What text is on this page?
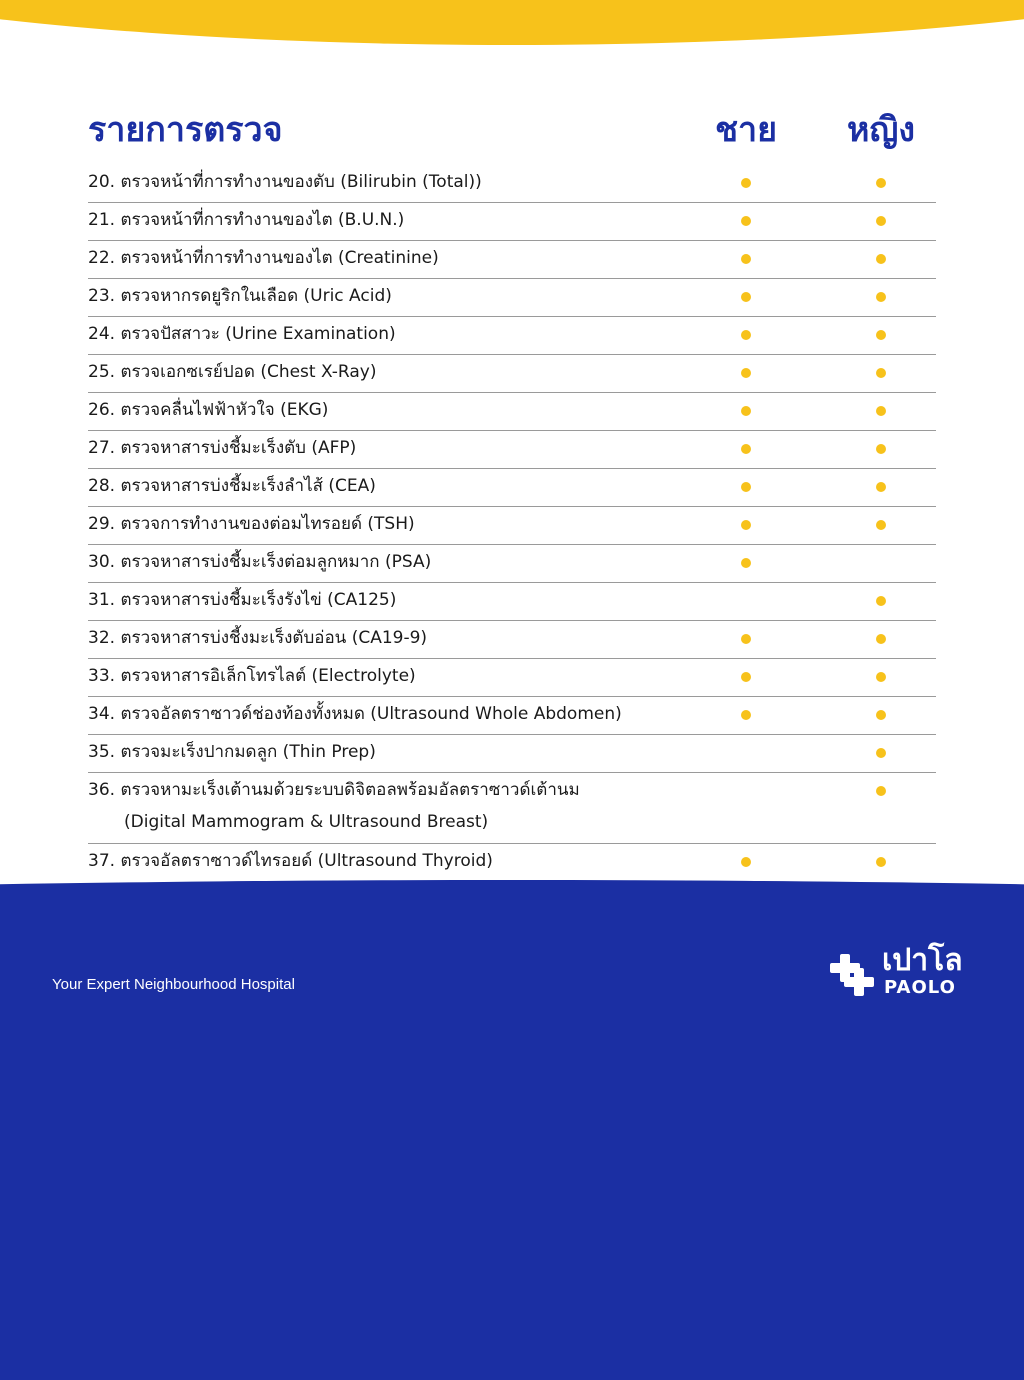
รายการตรวจ	ชาย	หญิง
20. ตรวจหน้าที่การทำงานของตับ (Bilirubin (Total))
21. ตรวจหน้าที่การทำงานของไต (B.U.N.)
22. ตรวจหน้าที่การทำงานของไต (Creatinine)
23. ตรวจหากรดยูริกในเลือด (Uric Acid)
24. ตรวจปัสสาวะ (Urine Examination)
25. ตรวจเอกซเรย์ปอด (Chest X-Ray)
26. ตรวจคลื่นไฟฟ้าหัวใจ (EKG)
27. ตรวจหาสารบ่งชี้มะเร็งตับ (AFP)
28. ตรวจหาสารบ่งชี้มะเร็งลำไส้ (CEA)
29. ตรวจการทำงานของต่อมไทรอยด์ (TSH)
30. ตรวจหาสารบ่งชี้มะเร็งต่อมลูกหมาก (PSA)
31. ตรวจหาสารบ่งชี้มะเร็งรังไข่ (CA125)
32. ตรวจหาสารบ่งชี้งมะเร็งตับอ่อน (CA19-9)
33. ตรวจหาสารอิเล็กโทรไลต์ (Electrolyte)
34. ตรวจอัลตราซาวด์ช่องท้องทั้งหมด (Ultrasound Whole Abdomen)
35. ตรวจมะเร็งปากมดลูก (Thin Prep)
36. ตรวจหามะเร็งเต้านมด้วยระบบดิจิตอลพร้อมอัลตราซาวด์เต้านม
(Digital Mammogram & Ultrasound Breast)
37. ตรวจอัลตราซาวด์ไทรอยด์ (Ultrasound Thyroid)
Your Expert Neighbourhood Hospital
เปาโล
PAOLO
